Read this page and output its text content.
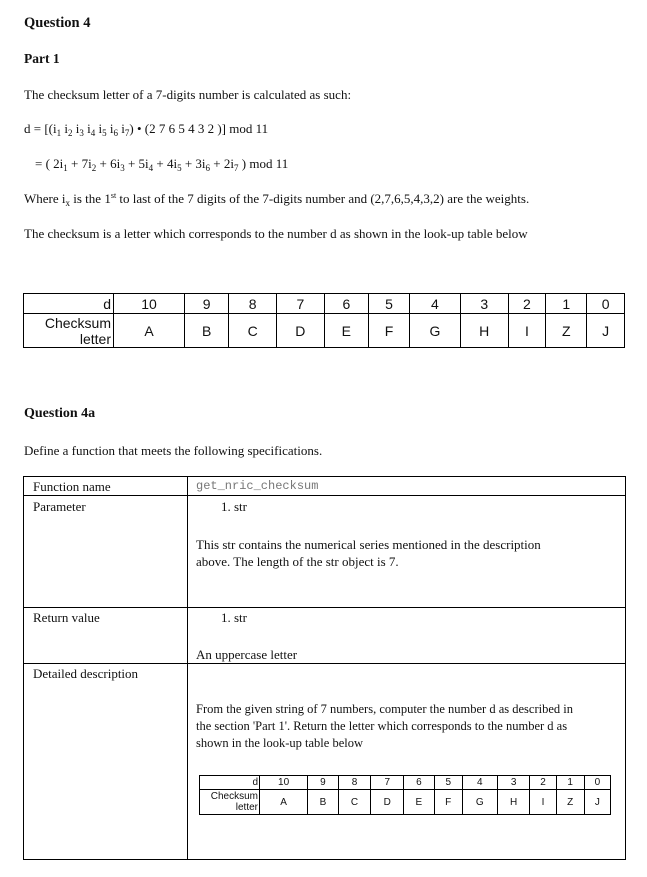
Question 4
Part 1
The checksum letter of a 7-digits number is calculated as such:
$d = [(i_1$ $i_2$ $i_3$ $i_4$ $i_5$ $i_6$ $i_7$) • (2 7 6 5 4 3 2 )] mod 11
= ( $2i_1 + 7i_2 + 6i_3 + 5i_4 + 4i_5 + 3i_6 + 2i_7$ ) mod 11
Where $i_x$ is the 1st to last of the 7 digits of the 7-digits number and (2,7,6,5,4,3,2) are the weights.
The checksum is a letter which corresponds to the number d as shown in the look-up table below
d	10	9	8	7	6	5	4	3	2	1	0
Checksum
letter	A	B	C	D	E	F	G	H	I	Z	J
Question 4a
Define a function that meets the following specifications.
Function name	get_nric_checksum
Parameter	1. str
This str contains the numerical series mentioned in the description
above. The length of the str object is 7.
Return value	1. str
An uppercase letter
Detailed description
From the given string of 7 numbers, computer the number d as described in
the section 'Part 1'. Return the letter which corresponds to the number d as
shown in the look-up table below
d	10	9	8	7	6	5	4	3	2	1	0
Checksum
letter	A	B	C	D	E	F	G	H	I	Z	J
